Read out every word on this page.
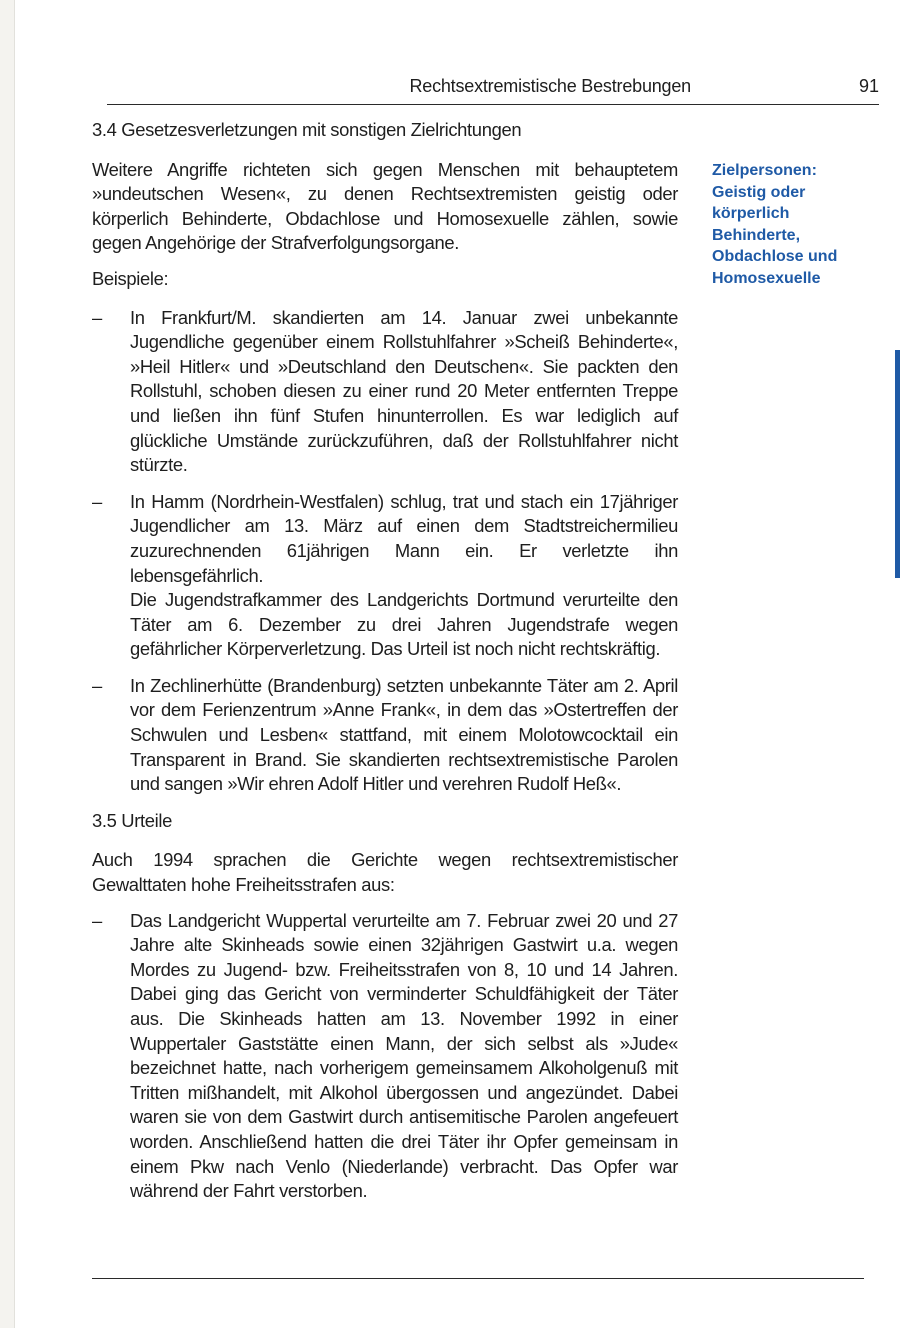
Rechtsextremistische Bestrebungen	91

3.4 Gesetzesverletzungen mit sonstigen Zielrichtungen

Weitere Angriffe richteten sich gegen Menschen mit behauptetem »undeutschen Wesen«, zu denen Rechtsextremisten geistig oder körperlich Behinderte, Obdachlose und Homosexuelle zählen, sowie gegen Angehörige der Strafverfolgungsorgane.

Beispiele:

– In Frankfurt/M. skandierten am 14. Januar zwei unbekannte Jugendliche gegenüber einem Rollstuhlfahrer »Scheiß Behinderte«, »Heil Hitler« und »Deutschland den Deutschen«. Sie packten den Rollstuhl, schoben diesen zu einer rund 20 Meter entfernten Treppe und ließen ihn fünf Stufen hinunterrollen. Es war lediglich auf glückliche Umstände zurückzuführen, daß der Rollstuhlfahrer nicht stürzte.

– In Hamm (Nordrhein-Westfalen) schlug, trat und stach ein 17jähriger Jugendlicher am 13. März auf einen dem Stadtstreichermilieu zuzurechnenden 61jährigen Mann ein. Er verletzte ihn lebensgefährlich.

Die Jugendstrafkammer des Landgerichts Dortmund verurteilte den Täter am 6. Dezember zu drei Jahren Jugendstrafe wegen gefährlicher Körperverletzung. Das Urteil ist noch nicht rechtskräftig.

– In Zechlinerhütte (Brandenburg) setzten unbekannte Täter am 2. April vor dem Ferienzentrum »Anne Frank«, in dem das »Ostertreffen der Schwulen und Lesben« stattfand, mit einem Molotowcocktail ein Transparent in Brand. Sie skandierten rechtsextremistische Parolen und sangen »Wir ehren Adolf Hitler und verehren Rudolf Heß«.

3.5 Urteile

Auch 1994 sprachen die Gerichte wegen rechtsextremistischer Gewalttaten hohe Freiheitsstrafen aus:

– Das Landgericht Wuppertal verurteilte am 7. Februar zwei 20 und 27 Jahre alte Skinheads sowie einen 32jährigen Gastwirt u.a. wegen Mordes zu Jugend- bzw. Freiheitsstrafen von 8, 10 und 14 Jahren. Dabei ging das Gericht von verminderter Schuldfähigkeit der Täter aus. Die Skinheads hatten am 13. November 1992 in einer Wuppertaler Gaststätte einen Mann, der sich selbst als »Jude« bezeichnet hatte, nach vorherigem gemeinsamem Alkoholgenuß mit Tritten mißhandelt, mit Alkohol übergossen und angezündet. Dabei waren sie von dem Gastwirt durch antisemitische Parolen angefeuert worden. Anschließend hatten die drei Täter ihr Opfer gemeinsam in einem Pkw nach Venlo (Niederlande) verbracht. Das Opfer war während der Fahrt verstorben.

Zielpersonen: Geistig oder körperlich Behinderte, Obdachlose und Homosexuelle
